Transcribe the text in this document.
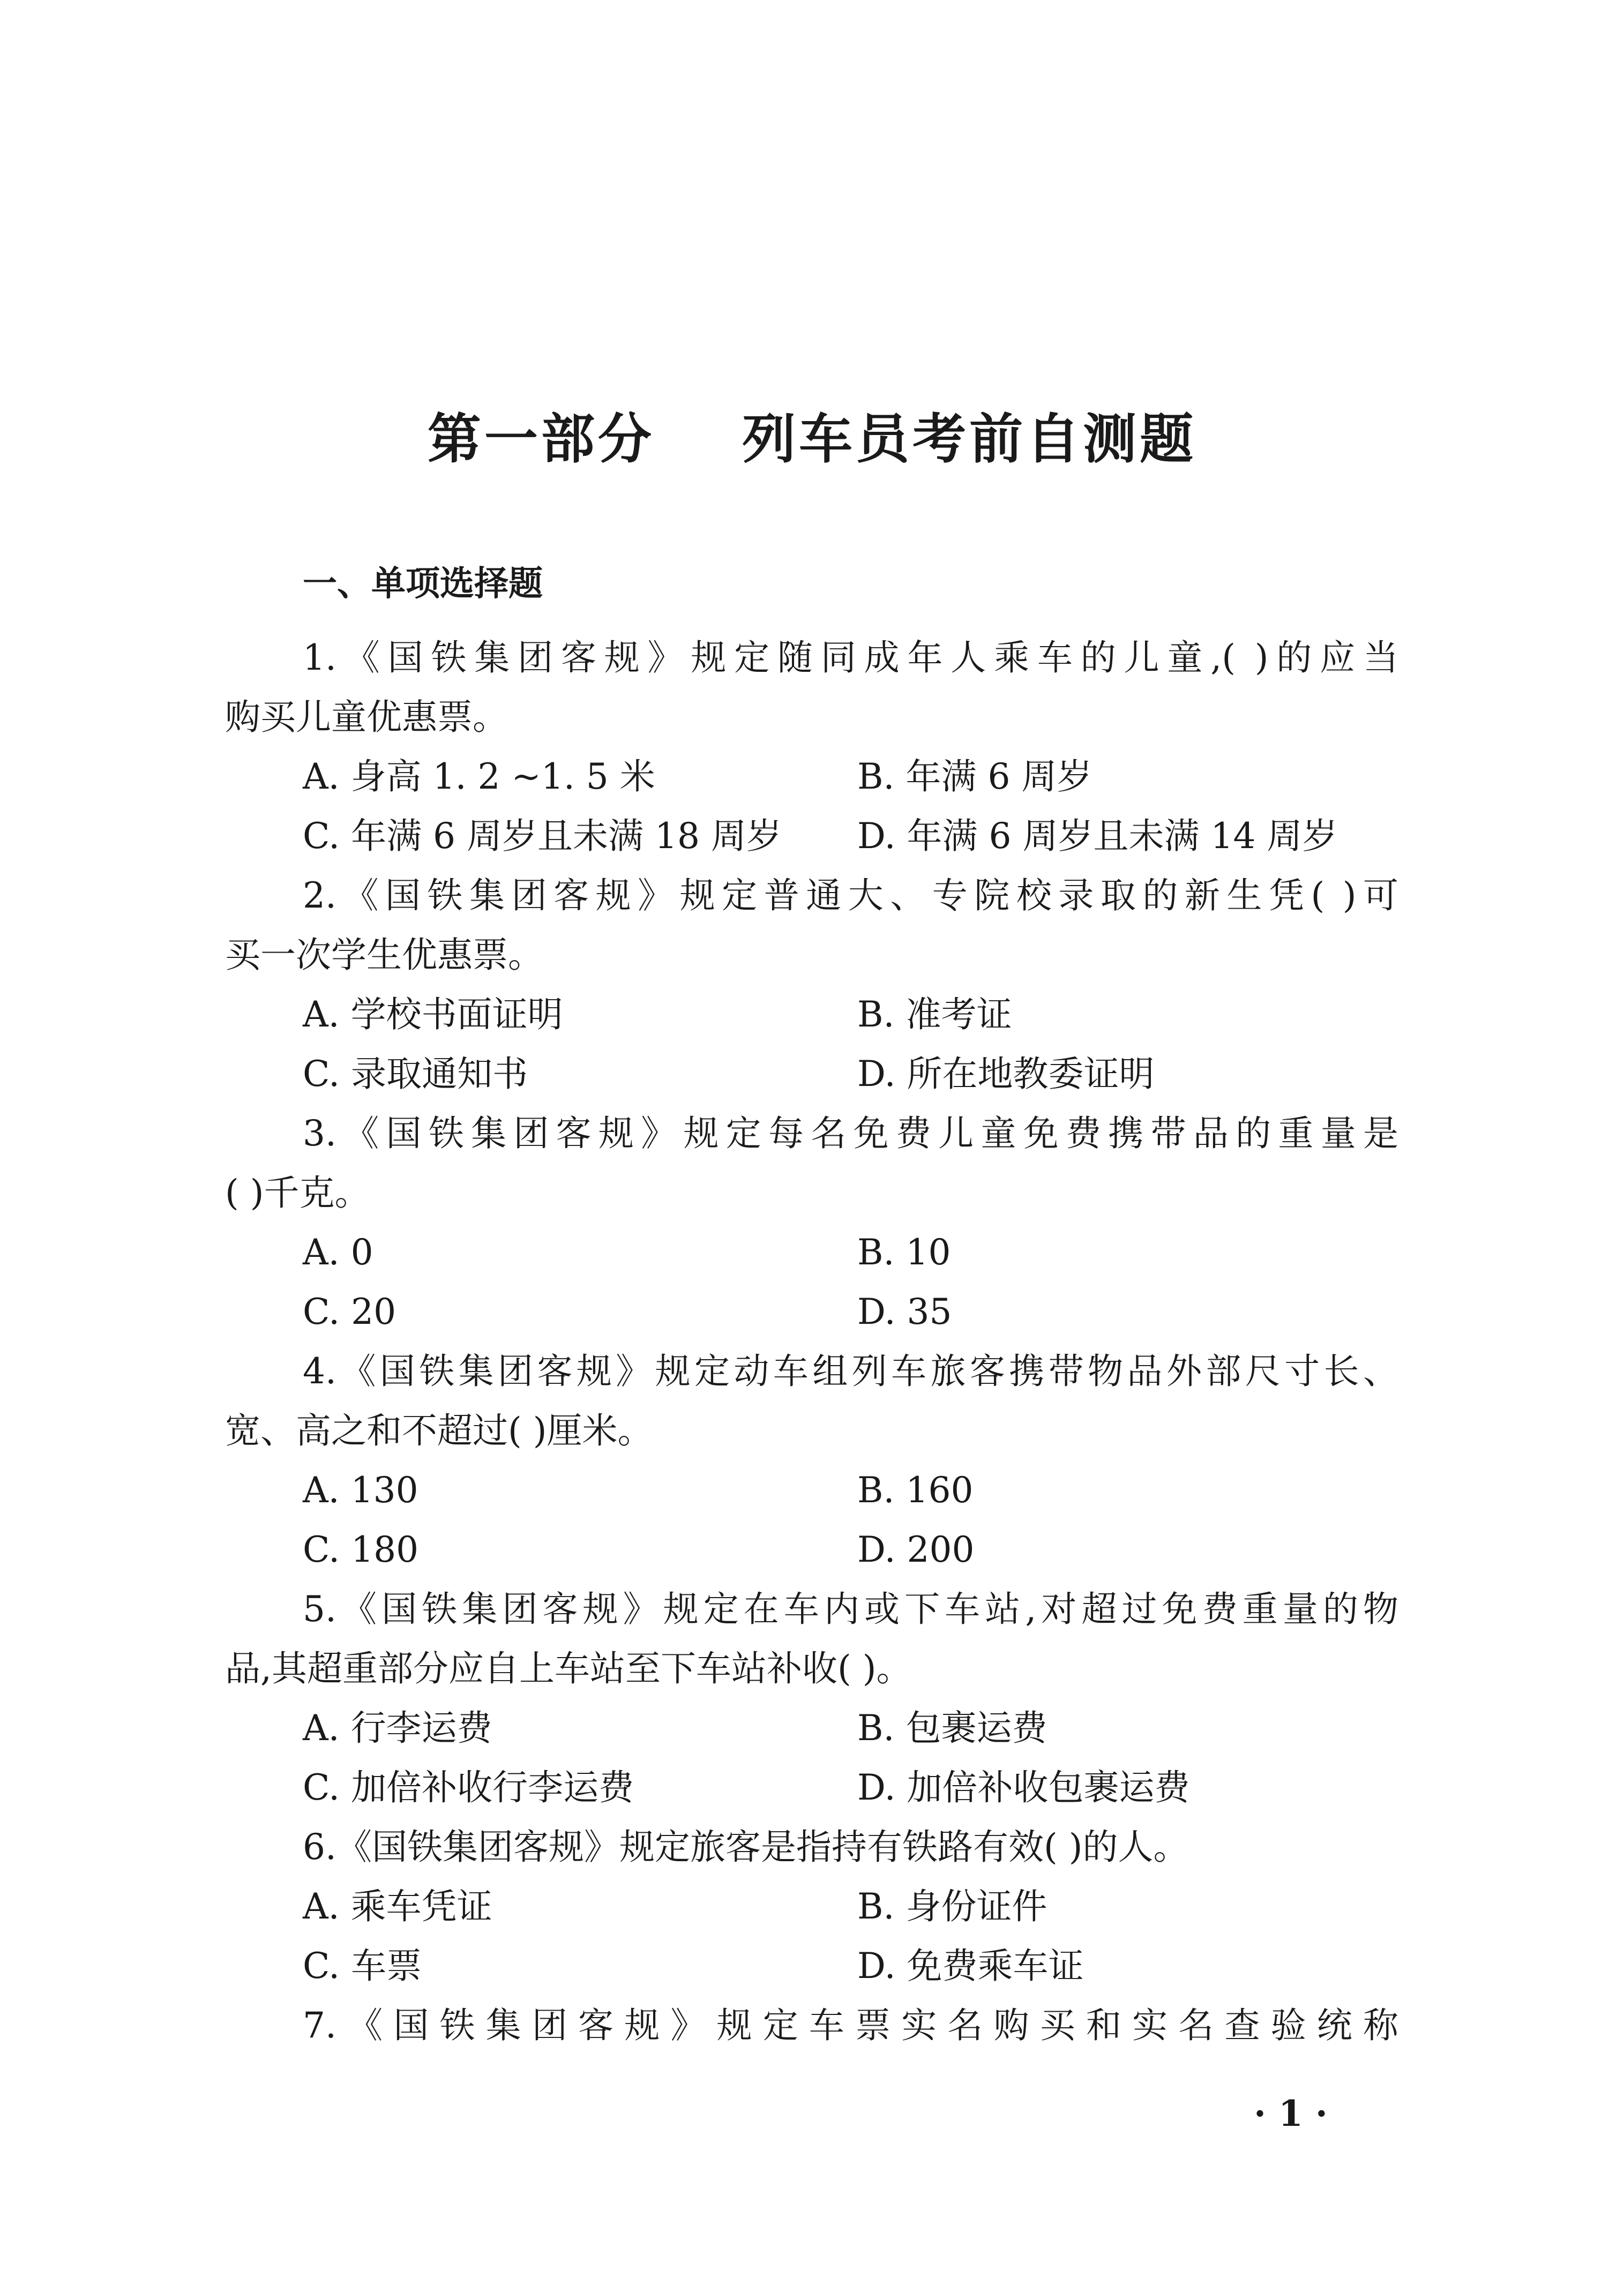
第一部分    列车员考前自测题
一、单项选择题
1.《国铁集团客规》规定随同成年人乘车的儿童,( )的应当
购买儿童优惠票。
A. 身高 1. 2 ~1. 5 米	B. 年满 6 周岁
C. 年满 6 周岁且未满 18 周岁	D. 年满 6 周岁且未满 14 周岁
2.《国铁集团客规》规定普通大、专院校录取的新生凭( )可
买一次学生优惠票。
A. 学校书面证明	B. 准考证
C. 录取通知书	D. 所在地教委证明
3.《国铁集团客规》规定每名免费儿童免费携带品的重量是
( )千克。
A. 0	B. 10
C. 20	D. 35
4.《国铁集团客规》规定动车组列车旅客携带物品外部尺寸长、
宽、高之和不超过( )厘米。
A. 130	B. 160
C. 180	D. 200
5.《国铁集团客规》规定在车内或下车站,对超过免费重量的物
品,其超重部分应自上车站至下车站补收( )。
A. 行李运费	B. 包裹运费
C. 加倍补收行李运费	D. 加倍补收包裹运费
6.《国铁集团客规》规定旅客是指持有铁路有效( )的人。
A. 乘车凭证	B. 身份证件
C. 车票	D. 免费乘车证
7.《国铁集团客规》规定车票实名购买和实名查验统称
· 1 ·
